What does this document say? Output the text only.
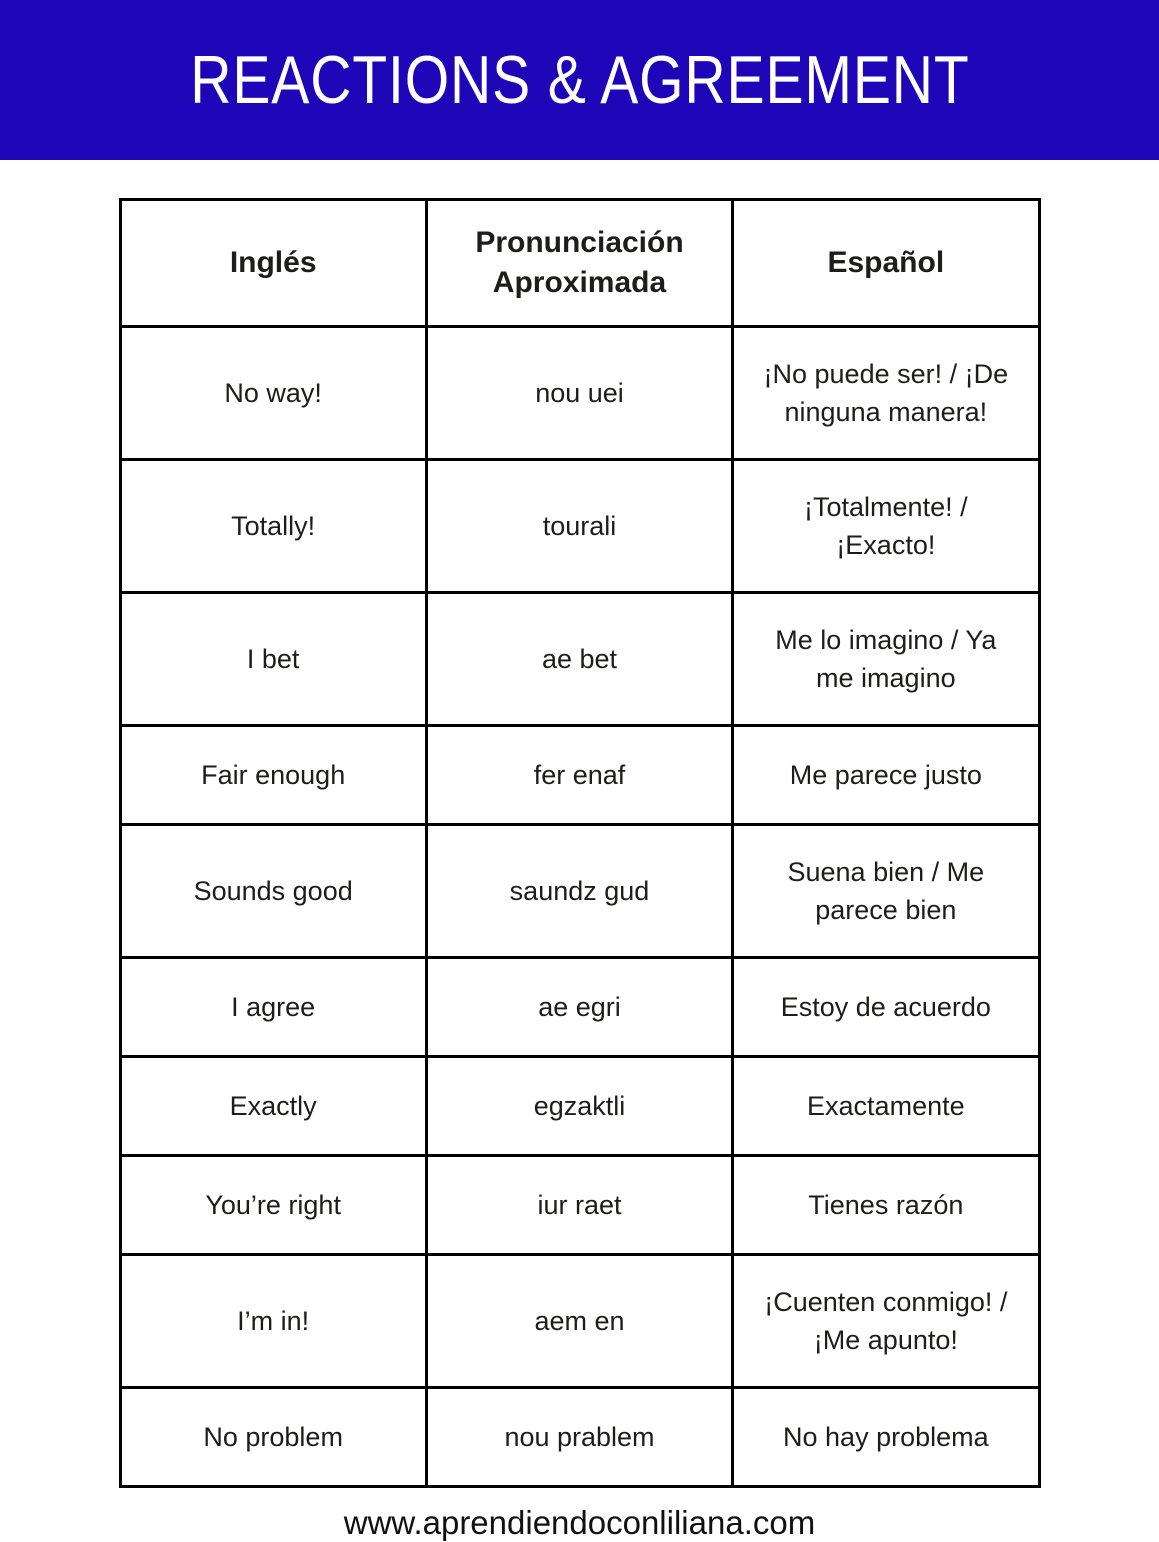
REACTIONS & AGREEMENT
Inglés	Pronunciación Aproximada	Español
No way!	nou uei	¡No puede ser! / ¡De ninguna manera!
Totally!	tourali	¡Totalmente! / ¡Exacto!
I bet	ae bet	Me lo imagino / Ya me imagino
Fair enough	fer enaf	Me parece justo
Sounds good	saundz gud	Suena bien / Me parece bien
I agree	ae egri	Estoy de acuerdo
Exactly	egzaktli	Exactamente
You’re right	iur raet	Tienes razón
I’m in!	aem en	¡Cuenten conmigo! / ¡Me apunto!
No problem	nou prablem	No hay problema
www.aprendiendoconliliana.com
